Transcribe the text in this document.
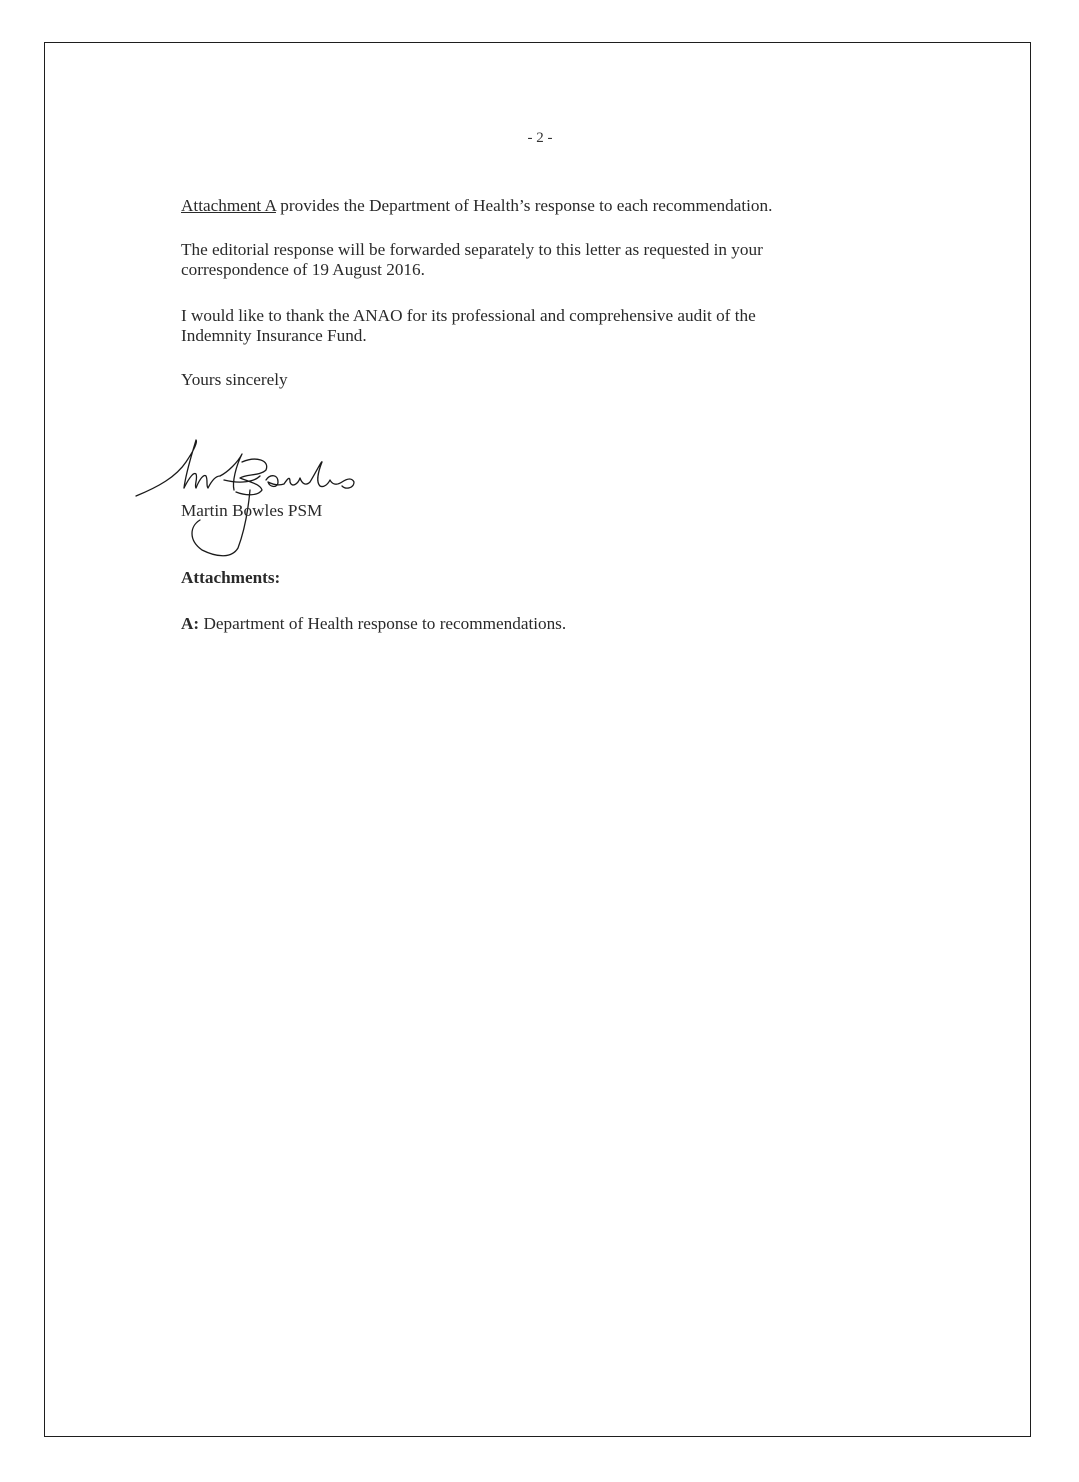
- 2 -
Attachment A provides the Department of Health’s response to each recommendation.
The editorial response will be forwarded separately to this letter as requested in your
correspondence of 19 August 2016.
I would like to thank the ANAO for its professional and comprehensive audit of the
Indemnity Insurance Fund.
Yours sincerely
Martin Bowles PSM
Attachments:
A: Department of Health response to recommendations.
